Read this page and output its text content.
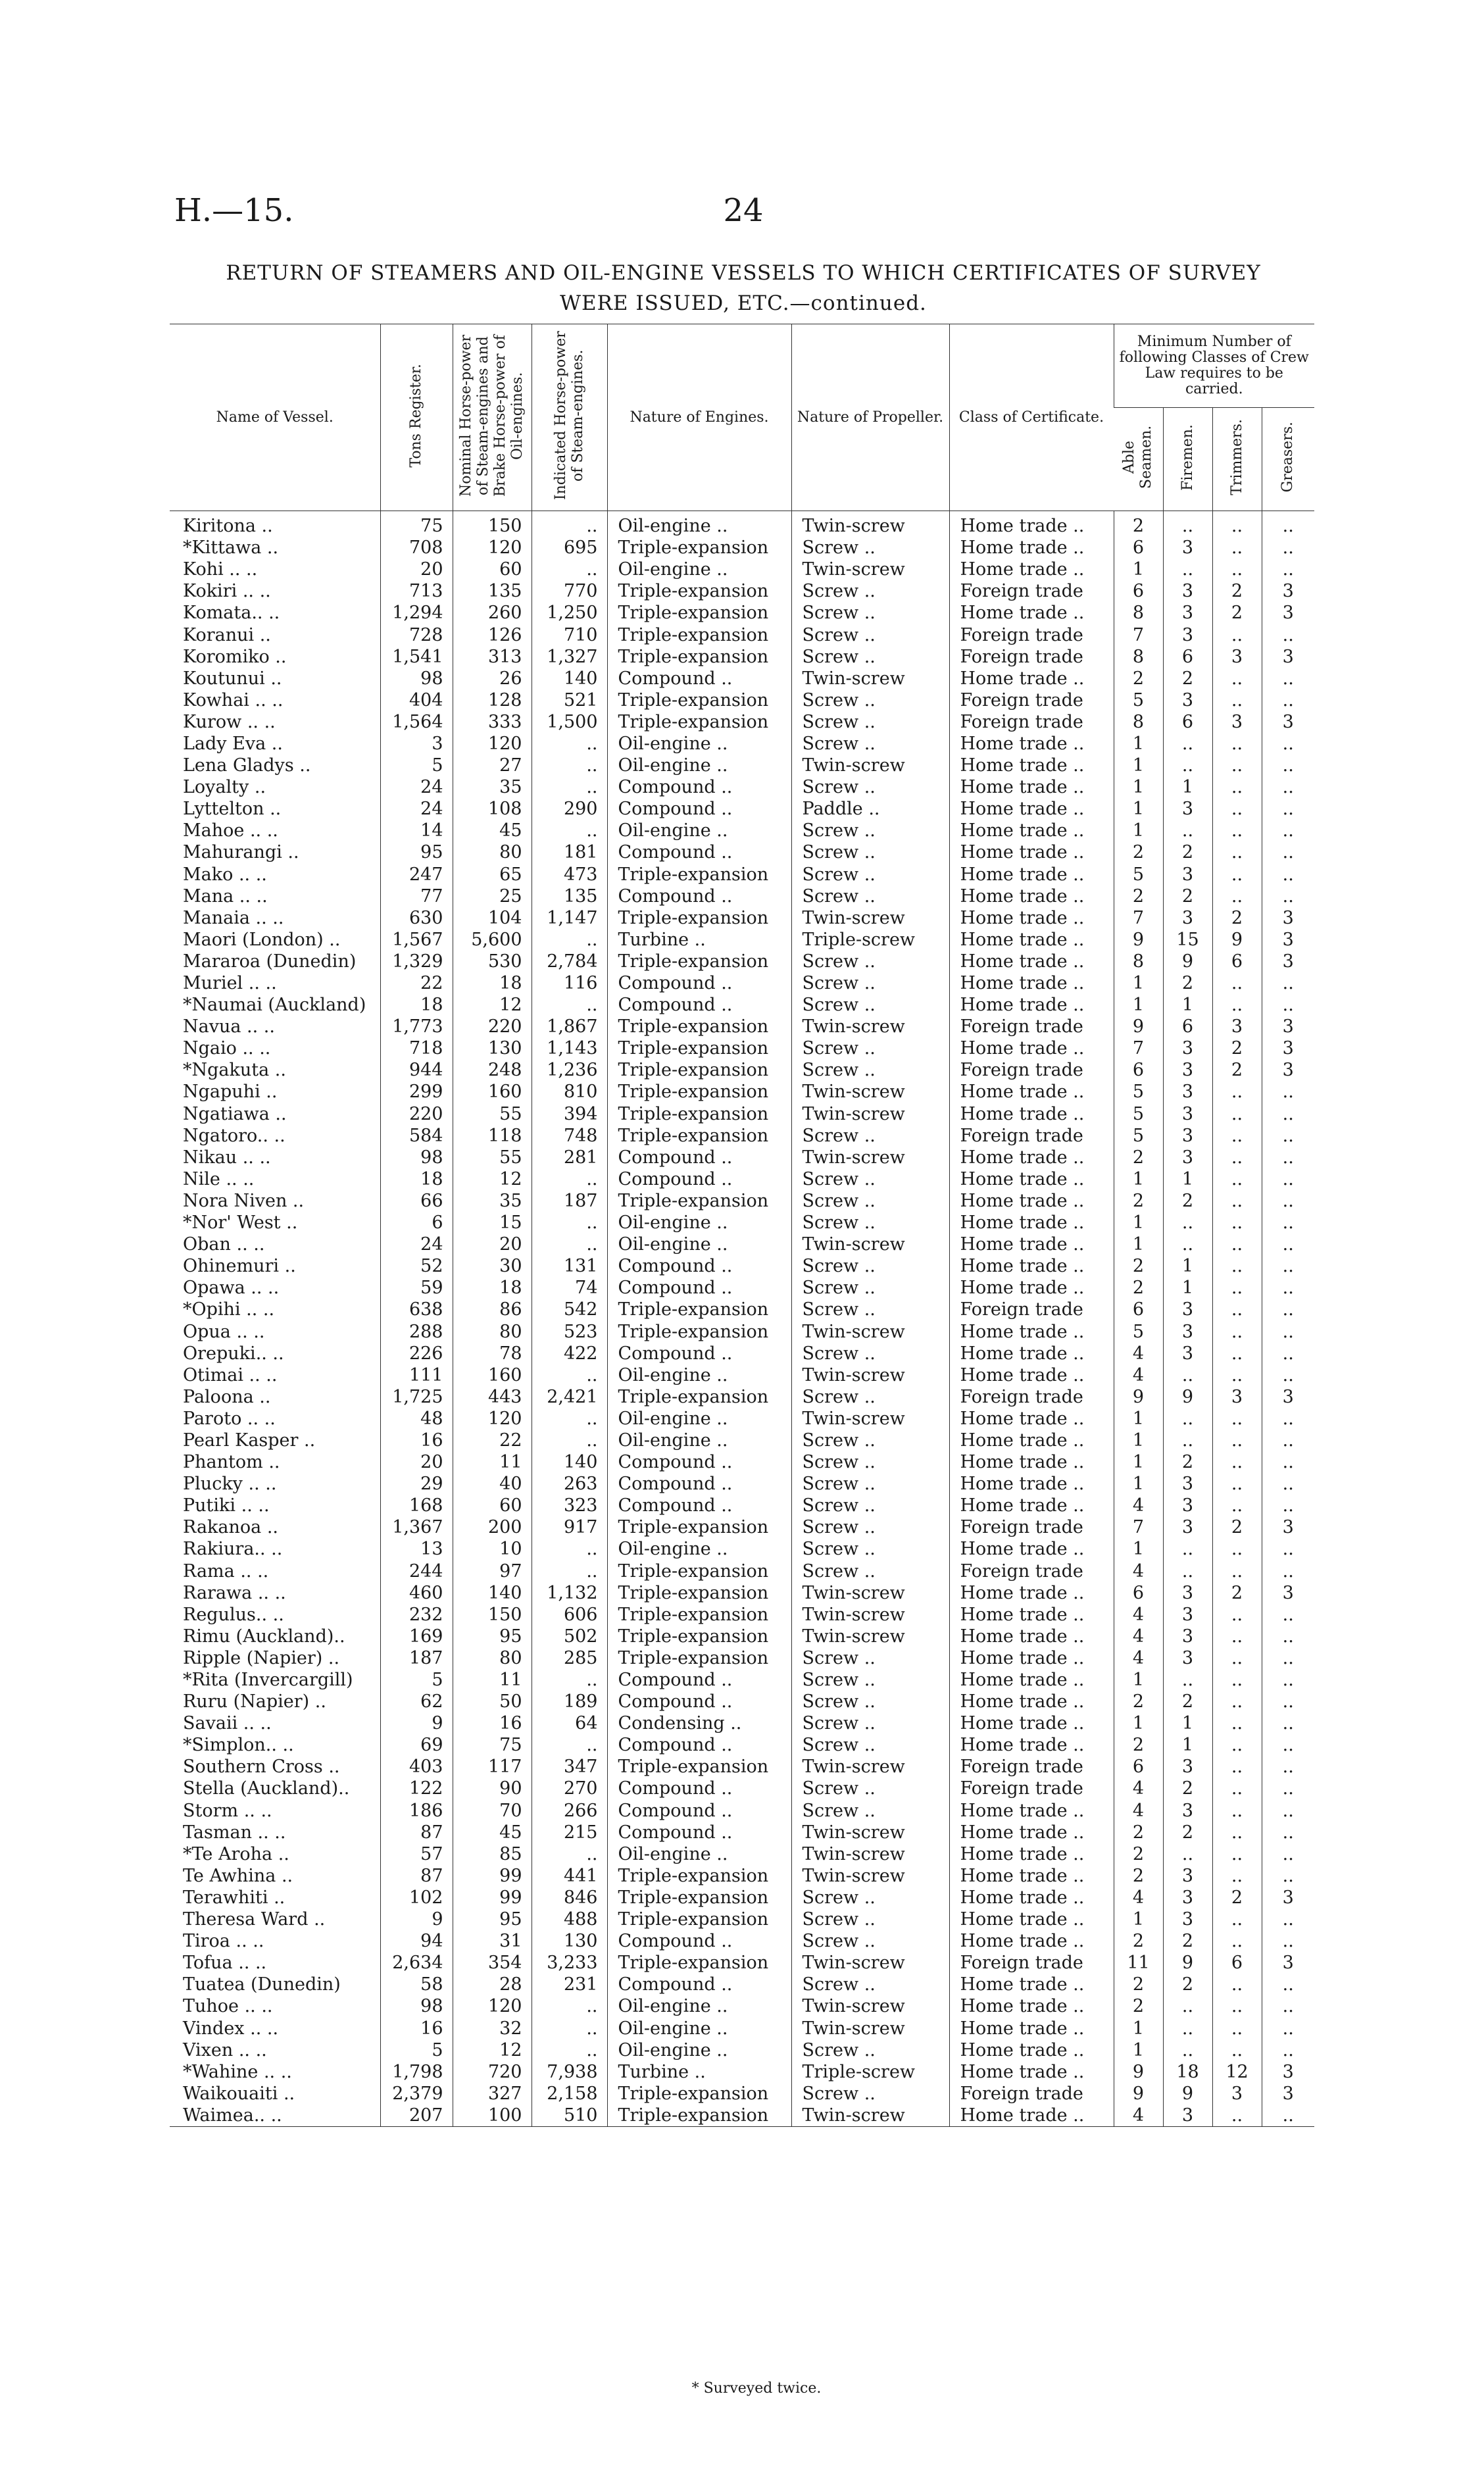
H.—15.	24
RETURN OF STEAMERS AND OIL-ENGINE VESSELS TO WHICH CERTIFICATES OF SURVEY WERE ISSUED, ETC.—continued.
Name of Vessel.	Tons Register.	Nominal Horse-power of Steam-engines and Brake Horse-power of Oil-engines.	Indicated Horse-power of Steam-engines.	Nature of Engines.	Nature of Propeller.	Class of Certificate.	Minimum Number of following Classes of Crew Law requires to be carried.			
							Able Seamen.	Firemen.	Trimmers.	Greasers.
Kiritona ..	75	150	..	Oil-engine ..	Twin-screw	Home trade ..	2	..	..	..
*Kittawa ..	708	120	695	Triple-expansion	Screw ..	Home trade ..	6	3	..	..
Kohi .. ..	20	60	..	Oil-engine ..	Twin-screw	Home trade ..	1	..	..	..
Kokiri .. ..	713	135	770	Triple-expansion	Screw ..	Foreign trade	6	3	2	3
Komata.. ..	1,294	260	1,250	Triple-expansion	Screw ..	Home trade ..	8	3	2	3
Koranui ..	728	126	710	Triple-expansion	Screw ..	Foreign trade	7	3	..	..
Koromiko ..	1,541	313	1,327	Triple-expansion	Screw ..	Foreign trade	8	6	3	3
Koutunui ..	98	26	140	Compound ..	Twin-screw	Home trade ..	2	2	..	..
Kowhai .. ..	404	128	521	Triple-expansion	Screw ..	Foreign trade	5	3	..	..
Kurow .. ..	1,564	333	1,500	Triple-expansion	Screw ..	Foreign trade	8	6	3	3
Lady Eva ..	3	120	..	Oil-engine ..	Screw ..	Home trade ..	1	..	..	..
Lena Gladys ..	5	27	..	Oil-engine ..	Twin-screw	Home trade ..	1	..	..	..
Loyalty ..	24	35	..	Compound ..	Screw ..	Home trade ..	1	1	..	..
Lyttelton ..	24	108	290	Compound ..	Paddle ..	Home trade ..	1	3	..	..
Mahoe .. ..	14	45	..	Oil-engine ..	Screw ..	Home trade ..	1	..	..	..
Mahurangi ..	95	80	181	Compound ..	Screw ..	Home trade ..	2	2	..	..
Mako .. ..	247	65	473	Triple-expansion	Screw ..	Home trade ..	5	3	..	..
Mana .. ..	77	25	135	Compound ..	Screw ..	Home trade ..	2	2	..	..
Manaia .. ..	630	104	1,147	Triple-expansion	Twin-screw	Home trade ..	7	3	2	3
Maori (London) ..	1,567	5,600	..	Turbine ..	Triple-screw	Home trade ..	9	15	9	3
Mararoa (Dunedin)	1,329	530	2,784	Triple-expansion	Screw ..	Home trade ..	8	9	6	3
Muriel .. ..	22	18	116	Compound ..	Screw ..	Home trade ..	1	2	..	..
*Naumai (Auckland)	18	12	..	Compound ..	Screw ..	Home trade ..	1	1	..	..
Navua .. ..	1,773	220	1,867	Triple-expansion	Twin-screw	Foreign trade	9	6	3	3
Ngaio .. ..	718	130	1,143	Triple-expansion	Screw ..	Home trade ..	7	3	2	3
*Ngakuta ..	944	248	1,236	Triple-expansion	Screw ..	Foreign trade	6	3	2	3
Ngapuhi ..	299	160	810	Triple-expansion	Twin-screw	Home trade ..	5	3	..	..
Ngatiawa ..	220	55	394	Triple-expansion	Twin-screw	Home trade ..	5	3	..	..
Ngatoro.. ..	584	118	748	Triple-expansion	Screw ..	Foreign trade	5	3	..	..
Nikau .. ..	98	55	281	Compound ..	Twin-screw	Home trade ..	2	3	..	..
Nile .. ..	18	12	..	Compound ..	Screw ..	Home trade ..	1	1	..	..
Nora Niven ..	66	35	187	Triple-expansion	Screw ..	Home trade ..	2	2	..	..
*Nor' West ..	6	15	..	Oil-engine ..	Screw ..	Home trade ..	1	..	..	..
Oban .. ..	24	20	..	Oil-engine ..	Twin-screw	Home trade ..	1	..	..	..
Ohinemuri ..	52	30	131	Compound ..	Screw ..	Home trade ..	2	1	..	..
Opawa .. ..	59	18	74	Compound ..	Screw ..	Home trade ..	2	1	..	..
*Opihi .. ..	638	86	542	Triple-expansion	Screw ..	Foreign trade	6	3	..	..
Opua .. ..	288	80	523	Triple-expansion	Twin-screw	Home trade ..	5	3	..	..
Orepuki.. ..	226	78	422	Compound ..	Screw ..	Home trade ..	4	3	..	..
Otimai .. ..	111	160	..	Oil-engine ..	Twin-screw	Home trade ..	4	..	..	..
Paloona ..	1,725	443	2,421	Triple-expansion	Screw ..	Foreign trade	9	9	3	3
Paroto .. ..	48	120	..	Oil-engine ..	Twin-screw	Home trade ..	1	..	..	..
Pearl Kasper ..	16	22	..	Oil-engine ..	Screw ..	Home trade ..	1	..	..	..
Phantom ..	20	11	140	Compound ..	Screw ..	Home trade ..	1	2	..	..
Plucky .. ..	29	40	263	Compound ..	Screw ..	Home trade ..	1	3	..	..
Putiki .. ..	168	60	323	Compound ..	Screw ..	Home trade ..	4	3	..	..
Rakanoa ..	1,367	200	917	Triple-expansion	Screw ..	Foreign trade	7	3	2	3
Rakiura.. ..	13	10	..	Oil-engine ..	Screw ..	Home trade ..	1	..	..	..
Rama .. ..	244	97	..	Triple-expansion	Screw ..	Foreign trade	4	..	..	..
Rarawa .. ..	460	140	1,132	Triple-expansion	Twin-screw	Home trade ..	6	3	2	3
Regulus.. ..	232	150	606	Triple-expansion	Twin-screw	Home trade ..	4	3	..	..
Rimu (Auckland)..	169	95	502	Triple-expansion	Twin-screw	Home trade ..	4	3	..	..
Ripple (Napier) ..	187	80	285	Triple-expansion	Screw ..	Home trade ..	4	3	..	..
*Rita (Invercargill)	5	11	..	Compound ..	Screw ..	Home trade ..	1	..	..	..
Ruru (Napier) ..	62	50	189	Compound ..	Screw ..	Home trade ..	2	2	..	..
Savaii .. ..	9	16	64	Condensing ..	Screw ..	Home trade ..	1	1	..	..
*Simplon.. ..	69	75	..	Compound ..	Screw ..	Home trade ..	2	1	..	..
Southern Cross ..	403	117	347	Triple-expansion	Twin-screw	Foreign trade	6	3	..	..
Stella (Auckland)..	122	90	270	Compound ..	Screw ..	Foreign trade	4	2	..	..
Storm .. ..	186	70	266	Compound ..	Screw ..	Home trade ..	4	3	..	..
Tasman .. ..	87	45	215	Compound ..	Twin-screw	Home trade ..	2	2	..	..
*Te Aroha ..	57	85	..	Oil-engine ..	Twin-screw	Home trade ..	2	..	..	..
Te Awhina ..	87	99	441	Triple-expansion	Twin-screw	Home trade ..	2	3	..	..
Terawhiti ..	102	99	846	Triple-expansion	Screw ..	Home trade ..	4	3	2	3
Theresa Ward ..	9	95	488	Triple-expansion	Screw ..	Home trade ..	1	3	..	..
Tiroa .. ..	94	31	130	Compound ..	Screw ..	Home trade ..	2	2	..	..
Tofua .. ..	2,634	354	3,233	Triple-expansion	Twin-screw	Foreign trade	11	9	6	3
Tuatea (Dunedin)	58	28	231	Compound ..	Screw ..	Home trade ..	2	2	..	..
Tuhoe .. ..	98	120	..	Oil-engine ..	Twin-screw	Home trade ..	2	..	..	..
Vindex .. ..	16	32	..	Oil-engine ..	Twin-screw	Home trade ..	1	..	..	..
Vixen .. ..	5	12	..	Oil-engine ..	Screw ..	Home trade ..	1	..	..	..
*Wahine .. ..	1,798	720	7,938	Turbine ..	Triple-screw	Home trade ..	9	18	12	3
Waikouaiti ..	2,379	327	2,158	Triple-expansion	Screw ..	Foreign trade	9	9	3	3
Waimea.. ..	207	100	510	Triple-expansion	Twin-screw	Home trade ..	4	3	..	..
* Surveyed twice.
